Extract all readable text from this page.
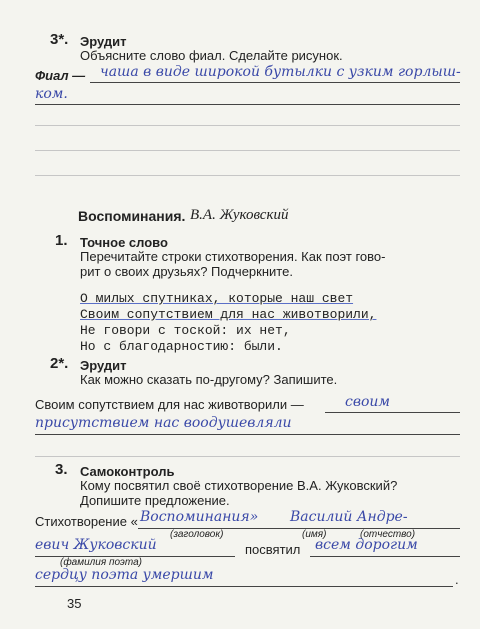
3*. Эрудит
Объясните слово фиал. Сделайте рисунок.
Фиал — чаша в виде широкой бутылки с узким горлыш-
ком.
Воспоминания. В.А. Жуковский
1. Точное слово
Перечитайте строки стихотворения. Как поэт гово-
рит о своих друзьях? Подчеркните.
О милых спутниках, которые наш свет
Своим сопутствием для нас животворили,
Не говори с тоской: их нет,
Но с благодарностию: были.
2*. Эрудит
Как можно сказать по-другому? Запишите.
Своим сопутствием для нас животворили —	своим
присутствием нас воодушевляли
3. Самоконтроль
Кому посвятил своё стихотворение В.А. Жуковский?
Допишите предложение.
Стихотворение « Воспоминания» Василий Андре-
(заголовок)	(имя)	(отчество)
евич Жуковский	посвятил всем дорогим
(фамилия поэта)
сердцу поэта умершим	.
35
